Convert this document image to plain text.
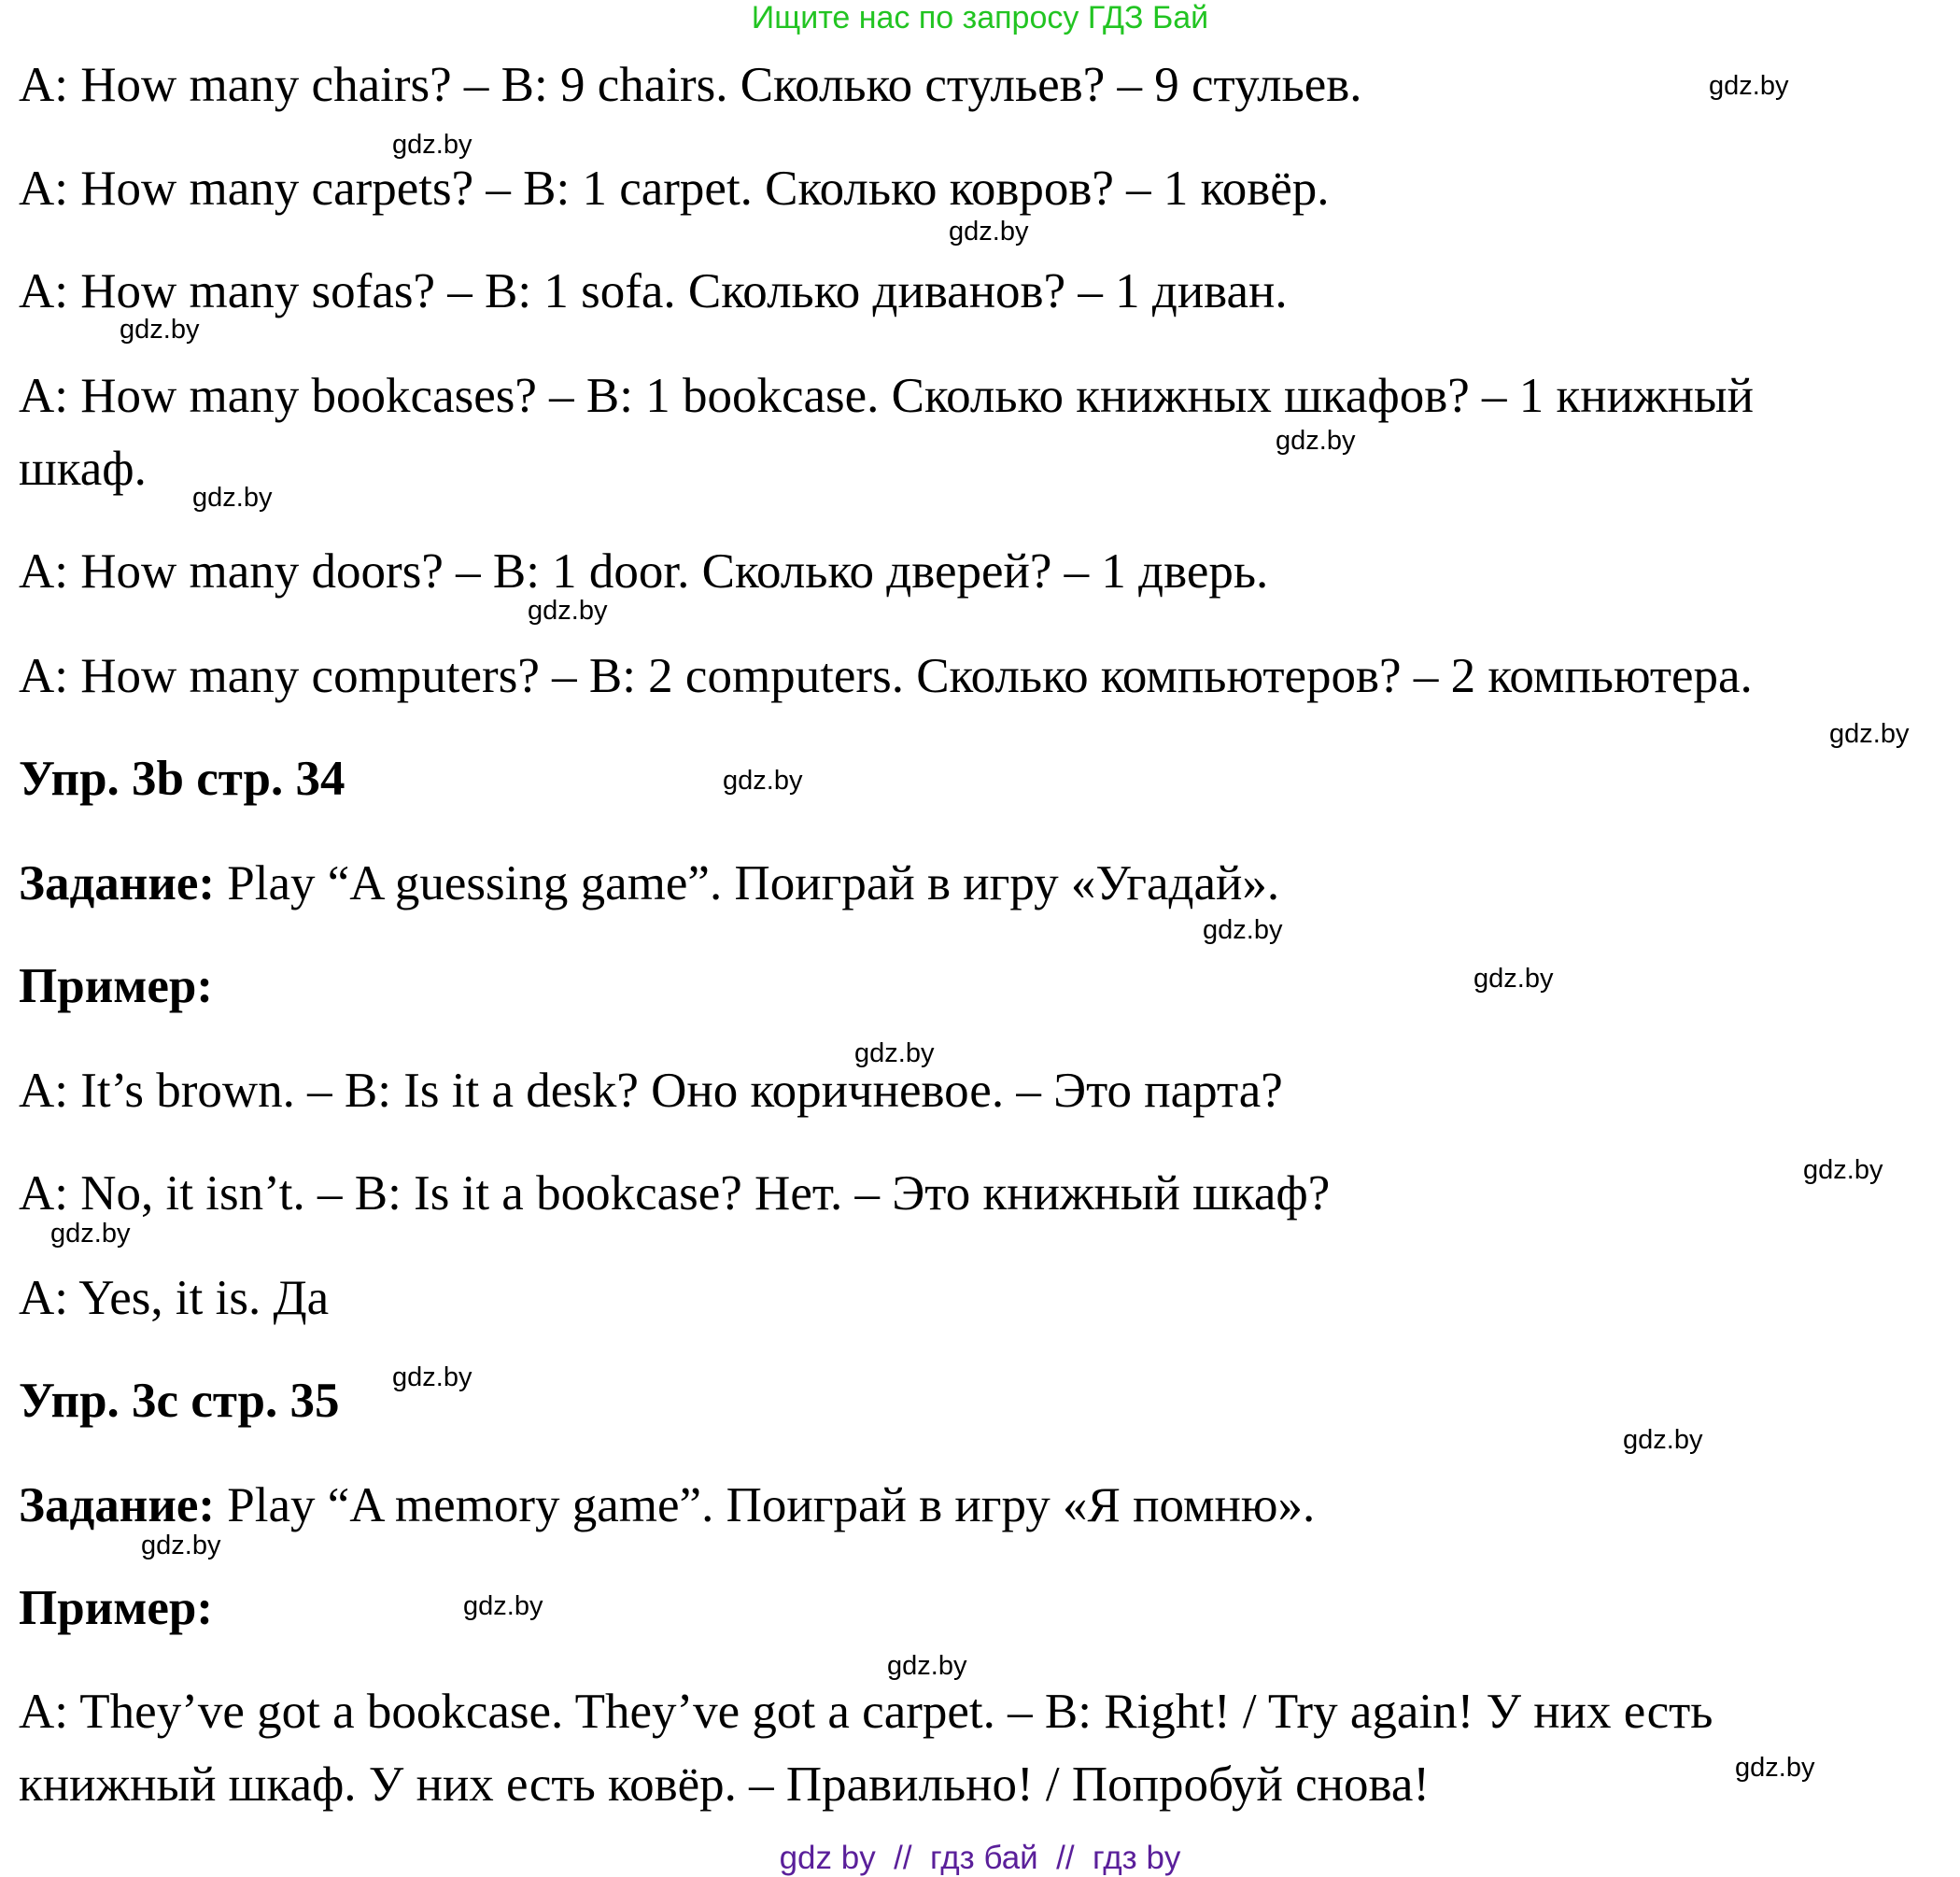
Ищите нас по запросу ГДЗ Бай
A: How many chairs? – B: 9 chairs. Сколько стульев? – 9 стульев.
A: How many carpets? – B: 1 carpet. Сколько ковров? – 1 ковёр.
A: How many sofas? – B: 1 sofa. Сколько диванов? – 1 диван.
A: How many bookcases? – B: 1 bookcase. Сколько книжных шкафов? – 1 книжный
шкаф.
A: How many doors? – B: 1 door. Сколько дверей? – 1 дверь.
A: How many computers? – B: 2 computers. Сколько компьютеров? – 2 компьютера.
Упр. 3b стр. 34
Задание: Play “A guessing game”. Поиграй в игру «Угадай».
Пример:
A: It’s brown. – B: Is it a desk? Оно коричневое. – Это парта?
A: No, it isn’t. – B: Is it a bookcase? Нет. – Это книжный шкаф?
A: Yes, it is. Да
Упр. 3c стр. 35
Задание: Play “A memory game”. Поиграй в игру «Я помню».
Пример:
A: They’ve got a bookcase. They’ve got a carpet. – B: Right! / Try again! У них есть
книжный шкаф. У них есть ковёр. – Правильно! / Попробуй снова!
gdz.by
gdz.by
gdz.by
gdz.by
gdz.by
gdz.by
gdz.by
gdz.by
gdz.by
gdz.by
gdz.by
gdz.by
gdz.by
gdz.by
gdz.by
gdz.by
gdz.by
gdz.by
gdz.by
gdz.by
gdz by  //  гдз бай  //  гдз by
